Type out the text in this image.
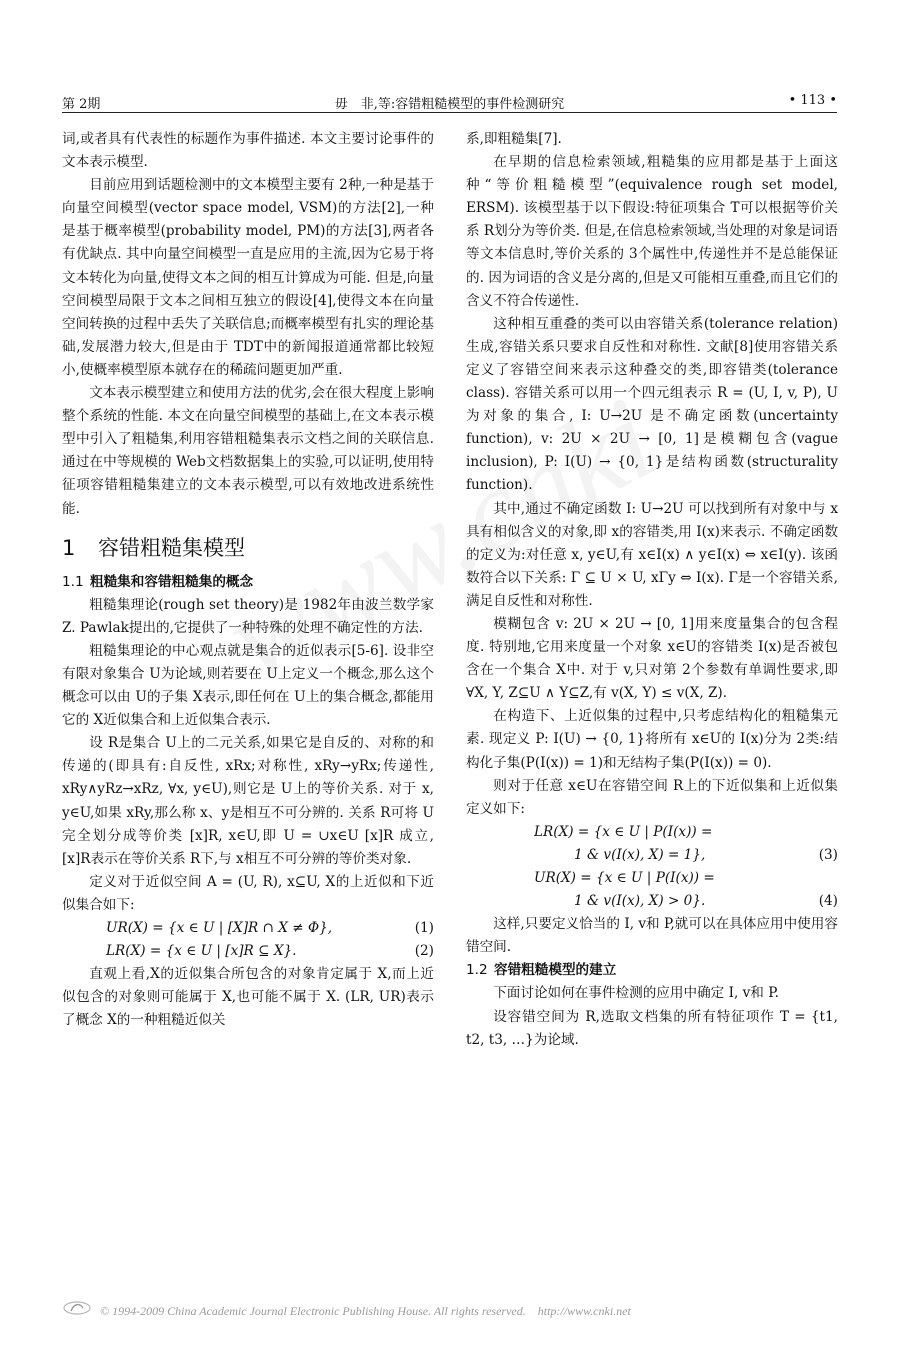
第 2期	毋　非,等:容错粗糙模型的事件检测研究	• 113 •

词,或者具有代表性的标题作为事件描述. 本文主要讨论事件的文本表示模型.

目前应用到话题检测中的文本模型主要有 2种,一种是基于向量空间模型(vector space model, VSM)的方法[2],一种是基于概率模型(probability model, PM)的方法[3],两者各有优缺点. 其中向量空间模型一直是应用的主流,因为它易于将文本转化为向量,使得文本之间的相互计算成为可能. 但是,向量空间模型局限于文本之间相互独立的假设[4],使得文本在向量空间转换的过程中丢失了关联信息;而概率模型有扎实的理论基础,发展潜力较大,但是由于 TDT中的新闻报道通常都比较短小,使概率模型原本就存在的稀疏问题更加严重.

文本表示模型建立和使用方法的优劣,会在很大程度上影响整个系统的性能. 本文在向量空间模型的基础上,在文本表示模型中引入了粗糙集,利用容错粗糙集表示文档之间的关联信息. 通过在中等规模的 Web文档数据集上的实验,可以证明,使用特征项容错粗糙集建立的文本表示模型,可以有效地改进系统性能.

1 容错粗糙集模型
1.1 粗糙集和容错粗糙集的概念

粗糙集理论(rough set theory)是 1982年由波兰数学家 Z. Pawlak提出的,它提供了一种特殊的处理不确定性的方法.

粗糙集理论的中心观点就是集合的近似表示[5-6]. 设非空有限对象集合 U为论域,则若要在 U上定义一个概念,那么这个概念可以由 U的子集 X表示,即任何在 U上的集合概念,都能用它的 X近似集合和上近似集合表示.

设 R是集合 U上的二元关系,如果它是自反的、对称的和传递的(即具有:自反性, xRx;对称性, xRy→yRx;传递性, xRy∧yRz→xRz, ∀x, y∈U),则它是 U上的等价关系. 对于 x, y∈U,如果 xRy,那么称 x、y是相互不可分辨的. 关系 R可将 U完全划分成等价类 [x]R, x∈U,即 U = ∪x∈U [x]R 成立, [x]R表示在等价关系 R下,与 x相互不可分辨的等价类对象.

定义对于近似空间 A = (U, R), x⊆U, X的上近似和下近似集合如下:

UR(X) = {x ∈ U | [X]R ∩ X ≠ Φ},	(1)
LR(X) = {x ∈ U | [x]R ⊆ X}.	(2)

直观上看,X的近似集合所包含的对象肯定属于 X,而上近似包含的对象则可能属于 X,也可能不属于 X. (LR, UR)表示了概念 X的一种粗糙近似关

系,即粗糙集[7].

在早期的信息检索领域,粗糙集的应用都是基于上面这种“等价粗糙模型”(equivalence rough set model, ERSM). 该模型基于以下假设:特征项集合 T可以根据等价关系 R划分为等价类. 但是,在信息检索领域,当处理的对象是词语等文本信息时,等价关系的 3个属性中,传递性并不是总能保证的. 因为词语的含义是分离的,但是又可能相互重叠,而且它们的含义不符合传递性.

这种相互重叠的类可以由容错关系(tolerance relation)生成,容错关系只要求自反性和对称性. 文献[8]使用容错关系定义了容错空间来表示这种叠交的类,即容错类(tolerance class). 容错关系可以用一个四元组表示 R = (U, I, v, P), U为对象的集合, I: U→2U 是不确定函数(uncertainty function), v: 2U × 2U → [0, 1]是模糊包含(vague inclusion), P: I(U) → {0, 1}是结构函数(structurality function).

其中,通过不确定函数 I: U→2U 可以找到所有对象中与 x具有相似含义的对象,即 x的容错类,用 I(x)来表示. 不确定函数的定义为:对任意 x, y∈U,有 x∈I(x) ∧ y∈I(x) ⇔ x∈I(y). 该函数符合以下关系: Γ ⊆ U × U, xΓy ⇔ I(x). Γ是一个容错关系,满足自反性和对称性.

模糊包含 v: 2U × 2U → [0, 1]用来度量集合的包含程度. 特别地,它用来度量一个对象 x∈U的容错类 I(x)是否被包含在一个集合 X中. 对于 v,只对第 2个参数有单调性要求,即 ∀X, Y, Z⊆U ∧ Y⊆Z,有 v(X, Y) ≤ v(X, Z).

在构造下、上近似集的过程中,只考虑结构化的粗糙集元素. 现定义 P: I(U) → {0, 1}将所有 x∈U的 I(x)分为 2类:结构化子集(P(I(x)) = 1)和无结构子集(P(I(x)) = 0).

则对于任意 x∈U在容错空间 R上的下近似集和上近似集定义如下:

LR(X) = {x ∈ U | P(I(x)) =
1 & v(I(x), X) = 1},	(3)
UR(X) = {x ∈ U | P(I(x)) =
1 & v(I(x), X) > 0}.	(4)

这样,只要定义恰当的 I, v和 P,就可以在具体应用中使用容错空间.

1.2 容错粗糙模型的建立

下面讨论如何在事件检测的应用中确定 I, v和 P.

设容错空间为 R,选取文档集的所有特征项作 T = {t1, t2, t3, …}为论域.

© 1994-2009 China Academic Journal Electronic Publishing House. All rights reserved.　http://www.cnki.net
